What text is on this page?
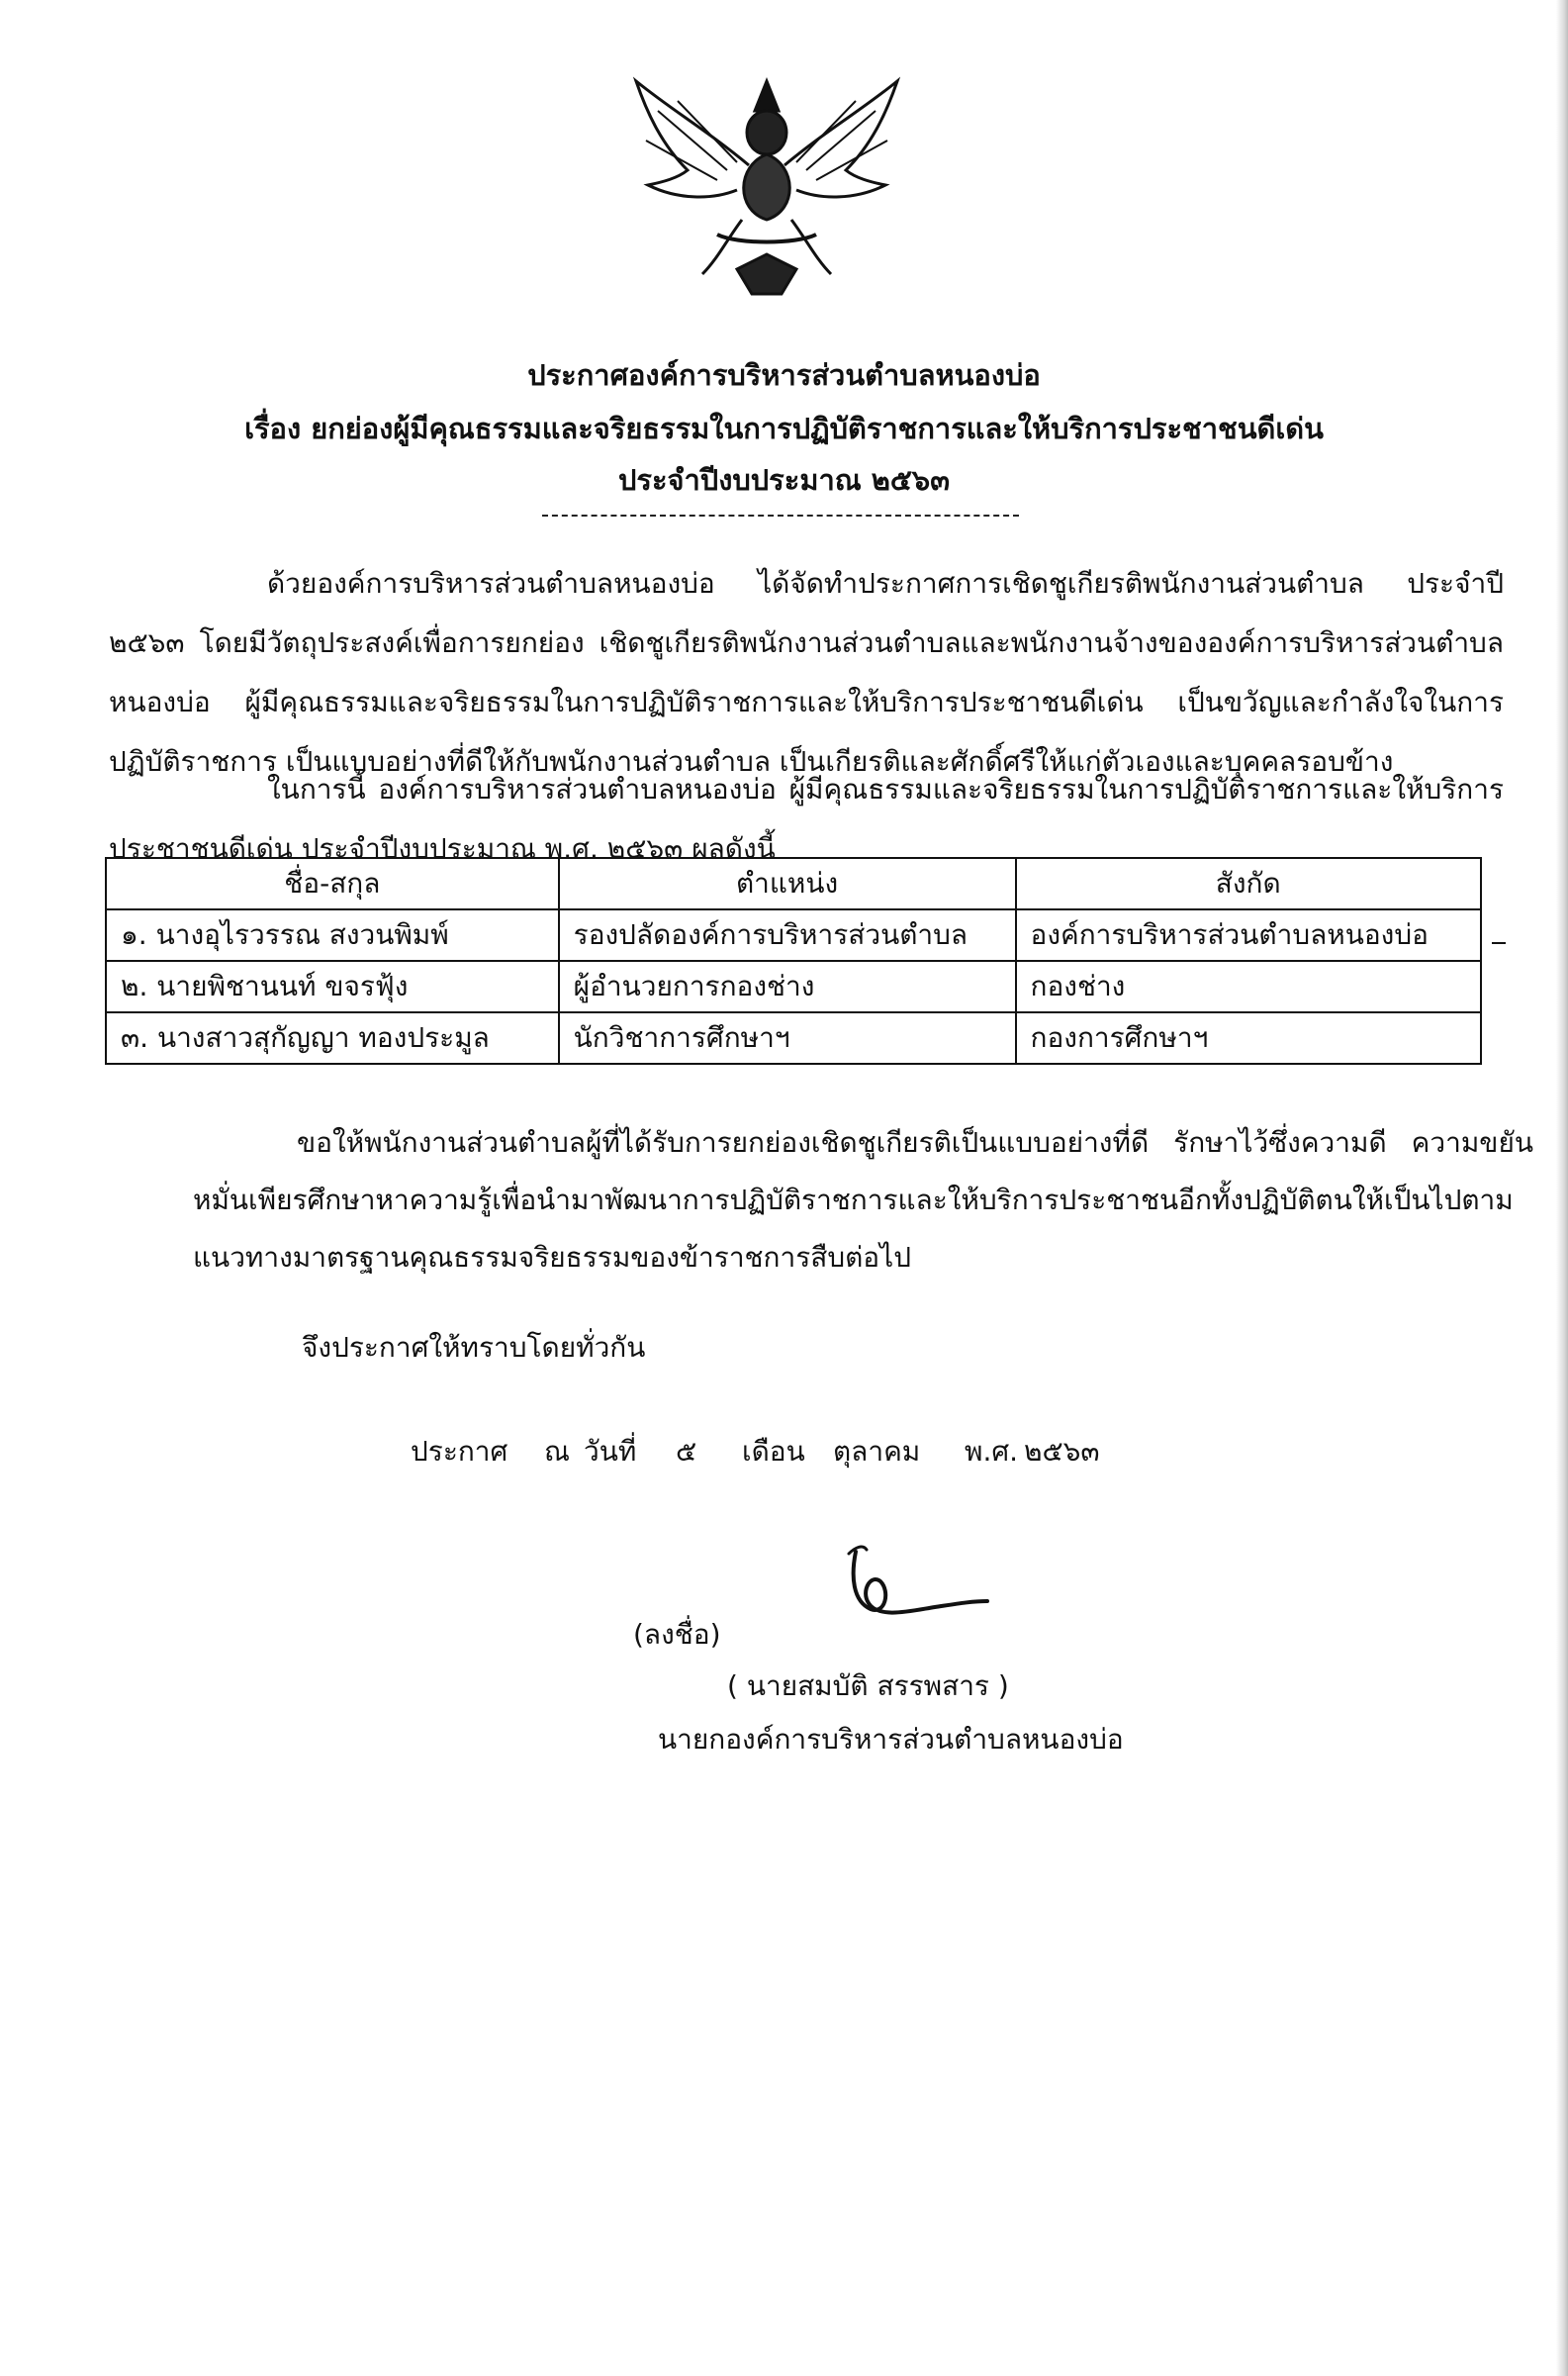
ประกาศองค์การบริหารส่วนตำบลหนองบ่อ
เรื่อง ยกย่องผู้มีคุณธรรมและจริยธรรมในการปฏิบัติราชการและให้บริการประชาชนดีเด่น
ประจำปีงบประมาณ ๒๕๖๓

ด้วยองค์การบริหารส่วนตำบลหนองบ่อ ได้จัดทำประกาศการเชิดชูเกียรติพนักงานส่วนตำบล ประจำปี ๒๕๖๓ โดยมีวัตถุประสงค์เพื่อการยกย่อง เชิดชูเกียรติพนักงานส่วนตำบลและพนักงานจ้างขององค์การบริหารส่วนตำบลหนองบ่อ ผู้มีคุณธรรมและจริยธรรมในการปฏิบัติราชการและให้บริการประชาชนดีเด่น เป็นขวัญและกำลังใจในการปฏิบัติราชการ เป็นแบบอย่างที่ดีให้กับพนักงานส่วนตำบล เป็นเกียรติและศักดิ์ศรีให้แก่ตัวเองและบุคคลรอบข้าง

ในการนี้ องค์การบริหารส่วนตำบลหนองบ่อ ผู้มีคุณธรรมและจริยธรรมในการปฏิบัติราชการและให้บริการประชาชนดีเด่น ประจำปีงบประมาณ พ.ศ. ๒๕๖๓ ผลดังนี้

ชื่อ-สกุล	ตำแหน่ง	สังกัด
๑. นางอุไรวรรณ สงวนพิมพ์	รองปลัดองค์การบริหารส่วนตำบล	องค์การบริหารส่วนตำบลหนองบ่อ
๒. นายพิชานนท์ ขจรฟุ้ง	ผู้อำนวยการกองช่าง	กองช่าง
๓. นางสาวสุกัญญา ทองประมูล	นักวิชาการศึกษาฯ	กองการศึกษาฯ

ขอให้พนักงานส่วนตำบลผู้ที่ได้รับการยกย่องเชิดชูเกียรติเป็นแบบอย่างที่ดี รักษาไว้ซึ่งความดี ความขยันหมั่นเพียรศึกษาหาความรู้เพื่อนำมาพัฒนาการปฏิบัติราชการและให้บริการประชาชนอีกทั้งปฏิบัติตนให้เป็นไปตามแนวทางมาตรฐานคุณธรรมจริยธรรมของข้าราชการสืบต่อไป

จึงประกาศให้ทราบโดยทั่วกัน
ประกาศ ณ วันที่ ๕ เดือน ตุลาคม พ.ศ. ๒๕๖๓
(ลงชื่อ)
( นายสมบัติ สรรพสาร )
นายกองค์การบริหารส่วนตำบลหนองบ่อ
